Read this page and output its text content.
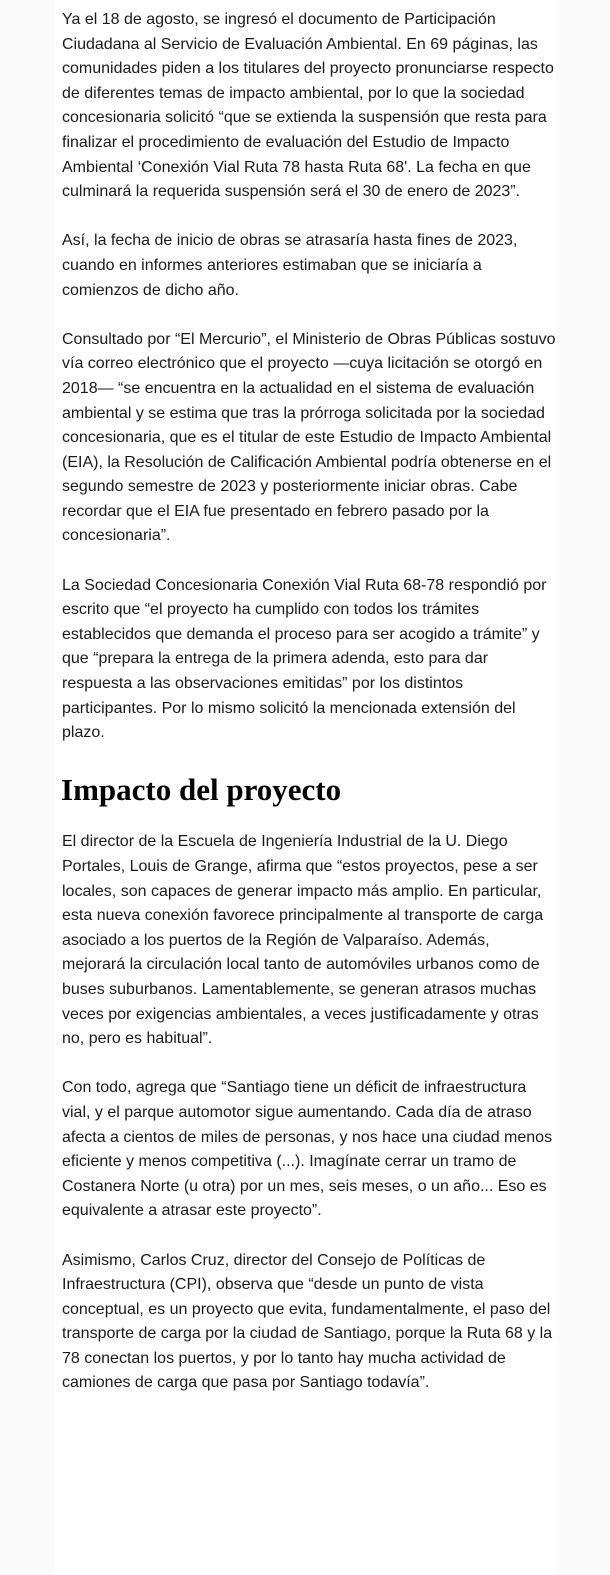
Ya el 18 de agosto, se ingresó el documento de Participación Ciudadana al Servicio de Evaluación Ambiental. En 69 páginas, las comunidades piden a los titulares del proyecto pronunciarse respecto de diferentes temas de impacto ambiental, por lo que la sociedad concesionaria solicitó “que se extienda la suspensión que resta para finalizar el procedimiento de evaluación del Estudio de Impacto Ambiental ‘Conexión Vial Ruta 78 hasta Ruta 68'. La fecha en que culminará la requerida suspensión será el 30 de enero de 2023”.

Así, la fecha de inicio de obras se atrasaría hasta fines de 2023, cuando en informes anteriores estimaban que se iniciaría a comienzos de dicho año.

Consultado por “El Mercurio”, el Ministerio de Obras Públicas sostuvo vía correo electrónico que el proyecto —cuya licitación se otorgó en 2018— “se encuentra en la actualidad en el sistema de evaluación ambiental y se estima que tras la prórroga solicitada por la sociedad concesionaria, que es el titular de este Estudio de Impacto Ambiental (EIA), la Resolución de Calificación Ambiental podría obtenerse en el segundo semestre de 2023 y posteriormente iniciar obras. Cabe recordar que el EIA fue presentado en febrero pasado por la concesionaria”.

La Sociedad Concesionaria Conexión Vial Ruta 68-78 respondió por escrito que “el proyecto ha cumplido con todos los trámites establecidos que demanda el proceso para ser acogido a trámite” y que “prepara la entrega de la primera adenda, esto para dar respuesta a las observaciones emitidas” por los distintos participantes. Por lo mismo solicitó la mencionada extensión del plazo.

Impacto del proyecto

El director de la Escuela de Ingeniería Industrial de la U. Diego Portales, Louis de Grange, afirma que “estos proyectos, pese a ser locales, son capaces de generar impacto más amplio. En particular, esta nueva conexión favorece principalmente al transporte de carga asociado a los puertos de la Región de Valparaíso. Además, mejorará la circulación local tanto de automóviles urbanos como de buses suburbanos. Lamentablemente, se generan atrasos muchas veces por exigencias ambientales, a veces justificadamente y otras no, pero es habitual”.

Con todo, agrega que “Santiago tiene un déficit de infraestructura vial, y el parque automotor sigue aumentando. Cada día de atraso afecta a cientos de miles de personas, y nos hace una ciudad menos eficiente y menos competitiva (...). Imagínate cerrar un tramo de Costanera Norte (u otra) por un mes, seis meses, o un año... Eso es equivalente a atrasar este proyecto”.

Asimismo, Carlos Cruz, director del Consejo de Políticas de Infraestructura (CPI), observa que “desde un punto de vista conceptual, es un proyecto que evita, fundamentalmente, el paso del transporte de carga por la ciudad de Santiago, porque la Ruta 68 y la 78 conectan los puertos, y por lo tanto hay mucha actividad de camiones de carga que pasa por Santiago todavía”.
